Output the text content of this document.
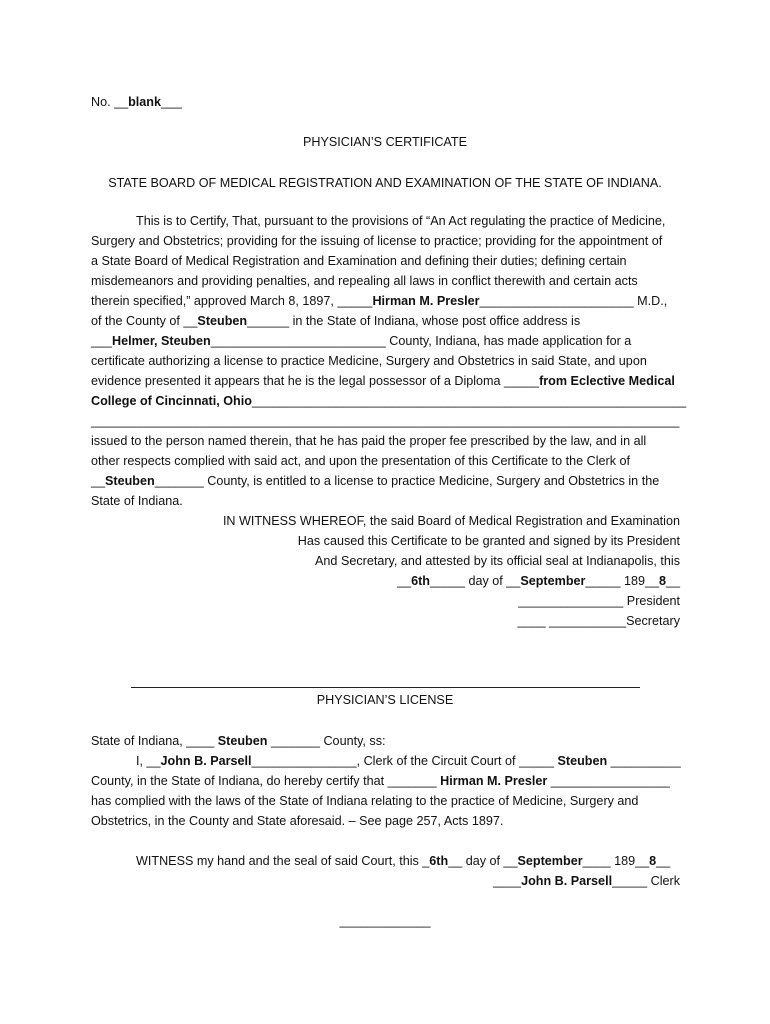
No. __blank___
PHYSICIAN’S CERTIFICATE
STATE BOARD OF MEDICAL REGISTRATION AND EXAMINATION OF THE STATE OF INDIANA.
This is to Certify, That, pursuant to the provisions of “An Act regulating the practice of Medicine,
Surgery and Obstetrics; providing for the issuing of license to practice; providing for the appointment of
a State Board of Medical Registration and Examination and defining their duties; defining certain
misdemeanors and providing penalties, and repealing all laws in conflict therewith and certain acts
therein specified,” approved March 8, 1897, _____Hirman M. Presler______________________ M.D.,
of the County of __Steuben______ in the State of Indiana, whose post office address is
___Helmer, Steuben_________________________ County, Indiana, has made application for a
certificate authorizing a license to practice Medicine, Surgery and Obstetrics in said State, and upon
evidence presented it appears that he is the legal possessor of a Diploma _____from Eclective Medical
College of Cincinnati, Ohio______________________________________________________________
____________________________________________________________________________________
issued to the person named therein, that he has paid the proper fee prescribed by the law, and in all
other respects complied with said act, and upon the presentation of this Certificate to the Clerk of
__Steuben_______ County, is entitled to a license to practice Medicine, Surgery and Obstetrics in the
State of Indiana.
IN WITNESS WHEREOF, the said Board of Medical Registration and Examination
Has caused this Certificate to be granted and signed by its President
And Secretary, and attested by its official seal at Indianapolis, this
__6th_____ day of __September_____ 189__8__
_______________ President
____ ___________Secretary
PHYSICIAN’S LICENSE
State of Indiana, ____ Steuben _______ County, ss:
I, __John B. Parsell_______________, Clerk of the Circuit Court of _____ Steuben __________
County, in the State of Indiana, do hereby certify that _______ Hirman M. Presler _________________
has complied with the laws of the State of Indiana relating to the practice of Medicine, Surgery and
Obstetrics, in the County and State aforesaid. – See page 257, Acts 1897.
WITNESS my hand and the seal of said Court, this _6th__ day of __September____ 189__8__
____John B. Parsell_____ Clerk
_____________
